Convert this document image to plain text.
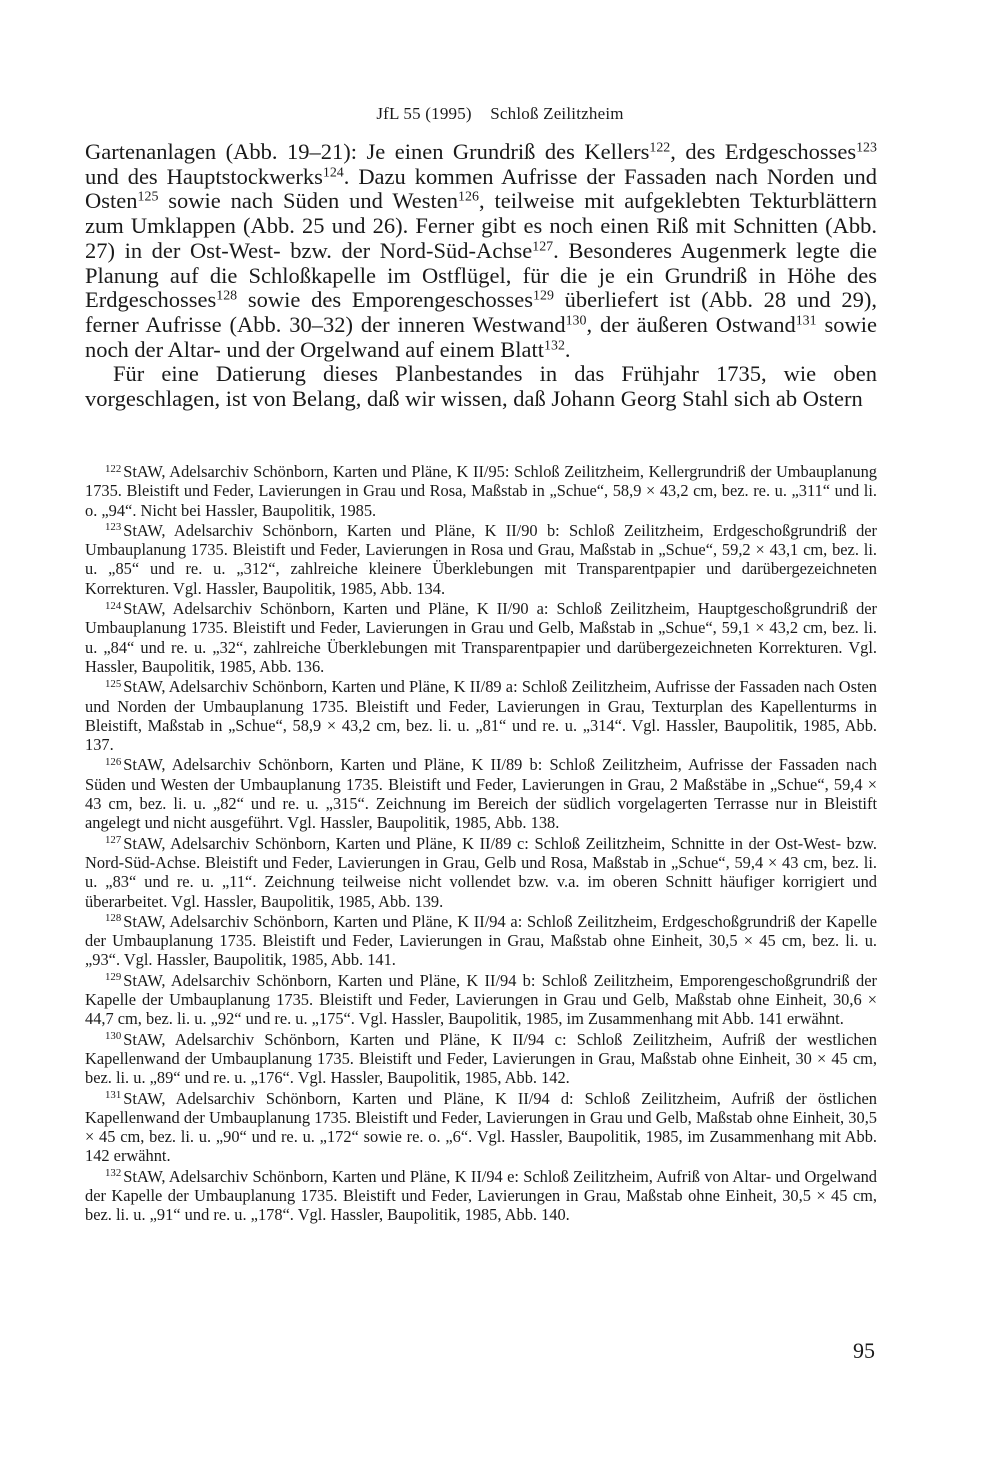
JfL 55 (1995) Schloß Zeilitzheim

Gartenanlagen (Abb. 19–21): Je einen Grundriß des Kellers$^{122}$, des Erdgeschosses$^{123}$ und des Hauptstockwerks$^{124}$. Dazu kommen Aufrisse der Fassaden nach Norden und Osten$^{125}$ sowie nach Süden und Westen$^{126}$, teilweise mit aufgeklebten Tekturblättern zum Umklappen (Abb. 25 und 26). Ferner gibt es noch einen Riß mit Schnitten (Abb. 27) in der Ost-West- bzw. der Nord-Süd-Achse$^{127}$. Besonderes Augenmerk legte die Planung auf die Schloßkapelle im Ostflügel, für die je ein Grundriß in Höhe des Erdgeschosses$^{128}$ sowie des Emporengeschosses$^{129}$ überliefert ist (Abb. 28 und 29), ferner Aufrisse (Abb. 30–32) der inneren Westwand$^{130}$, der äußeren Ostwand$^{131}$ sowie noch der Altar- und der Orgelwand auf einem Blatt$^{132}$.

Für eine Datierung dieses Planbestandes in das Frühjahr 1735, wie oben vorgeschlagen, ist von Belang, daß wir wissen, daß Johann Georg Stahl sich ab Ostern

$^{122}$ StAW, Adelsarchiv Schönborn, Karten und Pläne, K II/95: Schloß Zeilitzheim, Kellergrundriß der Umbauplanung 1735. Bleistift und Feder, Lavierungen in Grau und Rosa, Maßstab in „Schue“, 58,9 × 43,2 cm, bez. re. u. „311“ und li. o. „94“. Nicht bei Hassler, Baupolitik, 1985.
$^{123}$ StAW, Adelsarchiv Schönborn, Karten und Pläne, K II/90 b: Schloß Zeilitzheim, Erdgeschoßgrundriß der Umbauplanung 1735. Bleistift und Feder, Lavierungen in Rosa und Grau, Maßstab in „Schue“, 59,2 × 43,1 cm, bez. li. u. „85“ und re. u. „312“, zahlreiche kleinere Überklebungen mit Transparentpapier und darübergezeichneten Korrekturen. Vgl. Hassler, Baupolitik, 1985, Abb. 134.
$^{124}$ StAW, Adelsarchiv Schönborn, Karten und Pläne, K II/90 a: Schloß Zeilitzheim, Hauptgeschoßgrundriß der Umbauplanung 1735. Bleistift und Feder, Lavierungen in Grau und Gelb, Maßstab in „Schue“, 59,1 × 43,2 cm, bez. li. u. „84“ und re. u. „32“, zahlreiche Überklebungen mit Transparentpapier und darübergezeichneten Korrekturen. Vgl. Hassler, Baupolitik, 1985, Abb. 136.
$^{125}$ StAW, Adelsarchiv Schönborn, Karten und Pläne, K II/89 a: Schloß Zeilitzheim, Aufrisse der Fassaden nach Osten und Norden der Umbauplanung 1735. Bleistift und Feder, Lavierungen in Grau, Texturplan des Kapellenturms in Bleistift, Maßstab in „Schue“, 58,9 × 43,2 cm, bez. li. u. „81“ und re. u. „314“. Vgl. Hassler, Baupolitik, 1985, Abb. 137.
$^{126}$ StAW, Adelsarchiv Schönborn, Karten und Pläne, K II/89 b: Schloß Zeilitzheim, Aufrisse der Fassaden nach Süden und Westen der Umbauplanung 1735. Bleistift und Feder, Lavierungen in Grau, 2 Maßstäbe in „Schue“, 59,4 × 43 cm, bez. li. u. „82“ und re. u. „315“. Zeichnung im Bereich der südlich vorgelagerten Terrasse nur in Bleistift angelegt und nicht ausgeführt. Vgl. Hassler, Baupolitik, 1985, Abb. 138.
$^{127}$ StAW, Adelsarchiv Schönborn, Karten und Pläne, K II/89 c: Schloß Zeilitzheim, Schnitte in der Ost-West- bzw. Nord-Süd-Achse. Bleistift und Feder, Lavierungen in Grau, Gelb und Rosa, Maßstab in „Schue“, 59,4 × 43 cm, bez. li. u. „83“ und re. u. „11“. Zeichnung teilweise nicht vollendet bzw. v.a. im oberen Schnitt häufiger korrigiert und überarbeitet. Vgl. Hassler, Baupolitik, 1985, Abb. 139.
$^{128}$ StAW, Adelsarchiv Schönborn, Karten und Pläne, K II/94 a: Schloß Zeilitzheim, Erdgeschoßgrundriß der Kapelle der Umbauplanung 1735. Bleistift und Feder, Lavierungen in Grau, Maßstab ohne Einheit, 30,5 × 45 cm, bez. li. u. „93“. Vgl. Hassler, Baupolitik, 1985, Abb. 141.
$^{129}$ StAW, Adelsarchiv Schönborn, Karten und Pläne, K II/94 b: Schloß Zeilitzheim, Emporengeschoßgrundriß der Kapelle der Umbauplanung 1735. Bleistift und Feder, Lavierungen in Grau und Gelb, Maßstab ohne Einheit, 30,6 × 44,7 cm, bez. li. u. „92“ und re. u. „175“. Vgl. Hassler, Baupolitik, 1985, im Zusammenhang mit Abb. 141 erwähnt.
$^{130}$ StAW, Adelsarchiv Schönborn, Karten und Pläne, K II/94 c: Schloß Zeilitzheim, Aufriß der westlichen Kapellenwand der Umbauplanung 1735. Bleistift und Feder, Lavierungen in Grau, Maßstab ohne Einheit, 30 × 45 cm, bez. li. u. „89“ und re. u. „176“. Vgl. Hassler, Baupolitik, 1985, Abb. 142.
$^{131}$ StAW, Adelsarchiv Schönborn, Karten und Pläne, K II/94 d: Schloß Zeilitzheim, Aufriß der östlichen Kapellenwand der Umbauplanung 1735. Bleistift und Feder, Lavierungen in Grau und Gelb, Maßstab ohne Einheit, 30,5 × 45 cm, bez. li. u. „90“ und re. u. „172“ sowie re. o. „6“. Vgl. Hassler, Baupolitik, 1985, im Zusammenhang mit Abb. 142 erwähnt.
$^{132}$ StAW, Adelsarchiv Schönborn, Karten und Pläne, K II/94 e: Schloß Zeilitzheim, Aufriß von Altar- und Orgelwand der Kapelle der Umbauplanung 1735. Bleistift und Feder, Lavierungen in Grau, Maßstab ohne Einheit, 30,5 × 45 cm, bez. li. u. „91“ und re. u. „178“. Vgl. Hassler, Baupolitik, 1985, Abb. 140.
95
